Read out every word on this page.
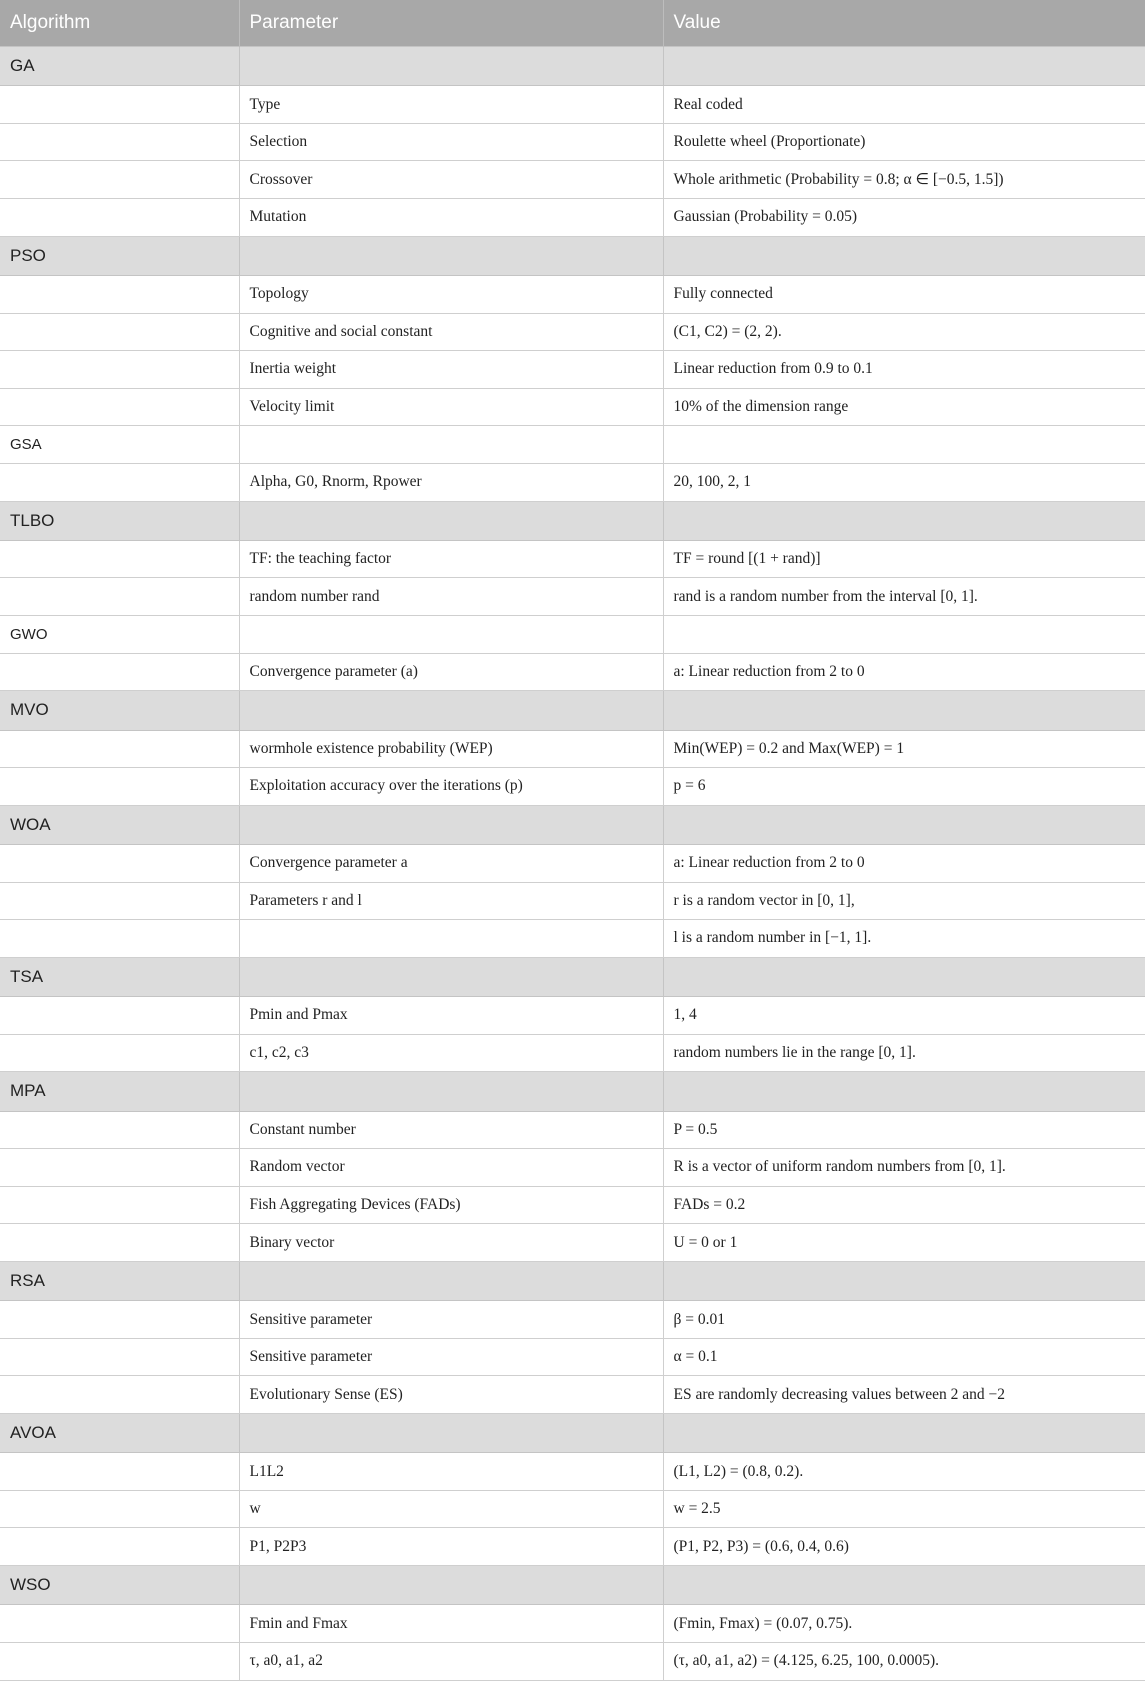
Algorithm	Parameter	Value
GA		
	Type	Real coded
	Selection	Roulette wheel (Proportionate)
	Crossover	Whole arithmetic (Probability = 0.8; α ∈ [−0.5, 1.5])
	Mutation	Gaussian (Probability = 0.05)
PSO		
	Topology	Fully connected
	Cognitive and social constant	(C1, C2) = (2, 2).
	Inertia weight	Linear reduction from 0.9 to 0.1
	Velocity limit	10% of the dimension range
GSA		
	Alpha, G0, Rnorm, Rpower	20, 100, 2, 1
TLBO		
	TF: the teaching factor	TF = round [(1 + rand)]
	random number rand	rand is a random number from the interval [0, 1].
GWO		
	Convergence parameter (a)	a: Linear reduction from 2 to 0
MVO		
	wormhole existence probability (WEP)	Min(WEP) = 0.2 and Max(WEP) = 1
	Exploitation accuracy over the iterations (p)	p = 6
WOA		
	Convergence parameter a	a: Linear reduction from 2 to 0
	Parameters r and l	r is a random vector in [0, 1],
		l is a random number in [−1, 1].
TSA		
	Pmin and Pmax	1, 4
	c1, c2, c3	random numbers lie in the range [0, 1].
MPA		
	Constant number	P = 0.5
	Random vector	R is a vector of uniform random numbers from [0, 1].
	Fish Aggregating Devices (FADs)	FADs = 0.2
	Binary vector	U = 0 or 1
RSA		
	Sensitive parameter	β = 0.01
	Sensitive parameter	α = 0.1
	Evolutionary Sense (ES)	ES are randomly decreasing values between 2 and −2
AVOA		
	L1L2	(L1, L2) = (0.8, 0.2).
	w	w = 2.5
	P1, P2P3	(P1, P2, P3) = (0.6, 0.4, 0.6)
WSO		
	Fmin and Fmax	(Fmin, Fmax) = (0.07, 0.75).
	τ, a0, a1, a2	(τ, a0, a1, a2) = (4.125, 6.25, 100, 0.0005).
